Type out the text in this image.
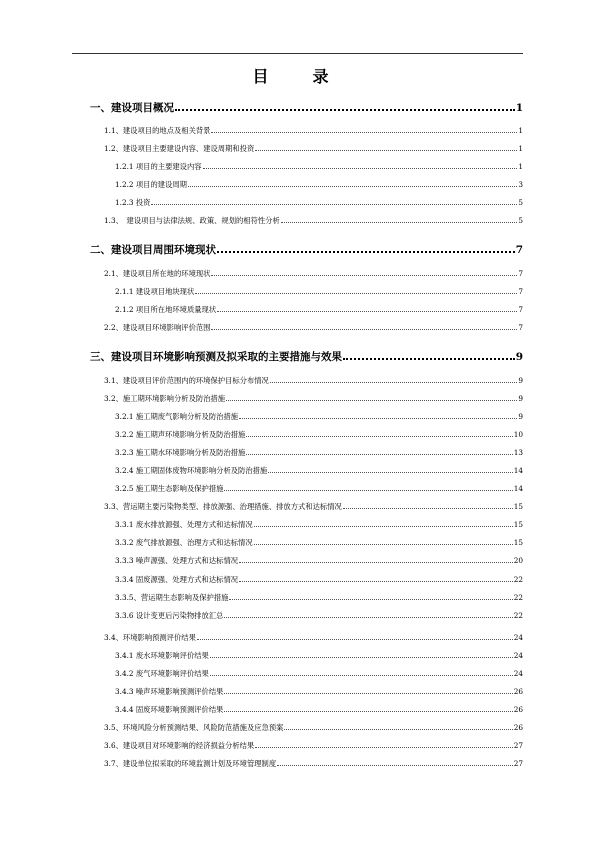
目　录
一、建设项目概况	1
1.1、建设项目的地点及相关背景	1
1.2、建设项目主要建设内容、建设周期和投资	1
1.2.1 项目的主要建设内容	1
1.2.2 项目的建设周期	3
1.2.3 投资	5
1.3、　建设项目与法律法规、政策、规划的相符性分析	5
二、建设项目周围环境现状	7
2.1、建设项目所在地的环境现状	7
2.1.1 建设项目地块现状	7
2.1.2 项目所在地环境质量现状	7
2.2、建设项目环境影响评价范围	7
三、建设项目环境影响预测及拟采取的主要措施与效果	9
3.1、建设项目评价范围内的环境保护目标分布情况	9
3.2、施工期环境影响分析及防治措施	9
3.2.1 施工期废气影响分析及防治措施	9
3.2.2 施工期声环境影响分析及防治措施	10
3.2.3 施工期水环境影响分析及防治措施	13
3.2.4 施工期固体废物环境影响分析及防治措施	14
3.2.5 施工期生态影响及保护措施	14
3.3、营运期主要污染物类型、排放源强、治理措施、排放方式和达标情况	15
3.3.1 废水排放源强、处理方式和达标情况	15
3.3.2 废气排放源强、治理方式和达标情况	15
3.3.3 噪声源强、处理方式和达标情况	20
3.3.4 固废源强、处理方式和达标情况	22
3.3.5、营运期生态影响及保护措施	22
3.3.6 设计变更后污染物排放汇总	22
3.4、环境影响预测评价结果	24
3.4.1 废水环境影响评价结果	24
3.4.2 废气环境影响评价结果	24
3.4.3 噪声环境影响预测评价结果	26
3.4.4 固废环境影响预测评价结果	26
3.5、环境风险分析预测结果、风险防范措施及应急预案	26
3.6、建设项目对环境影响的经济损益分析结果	27
3.7、建设单位拟采取的环境监测计划及环境管理制度	27
